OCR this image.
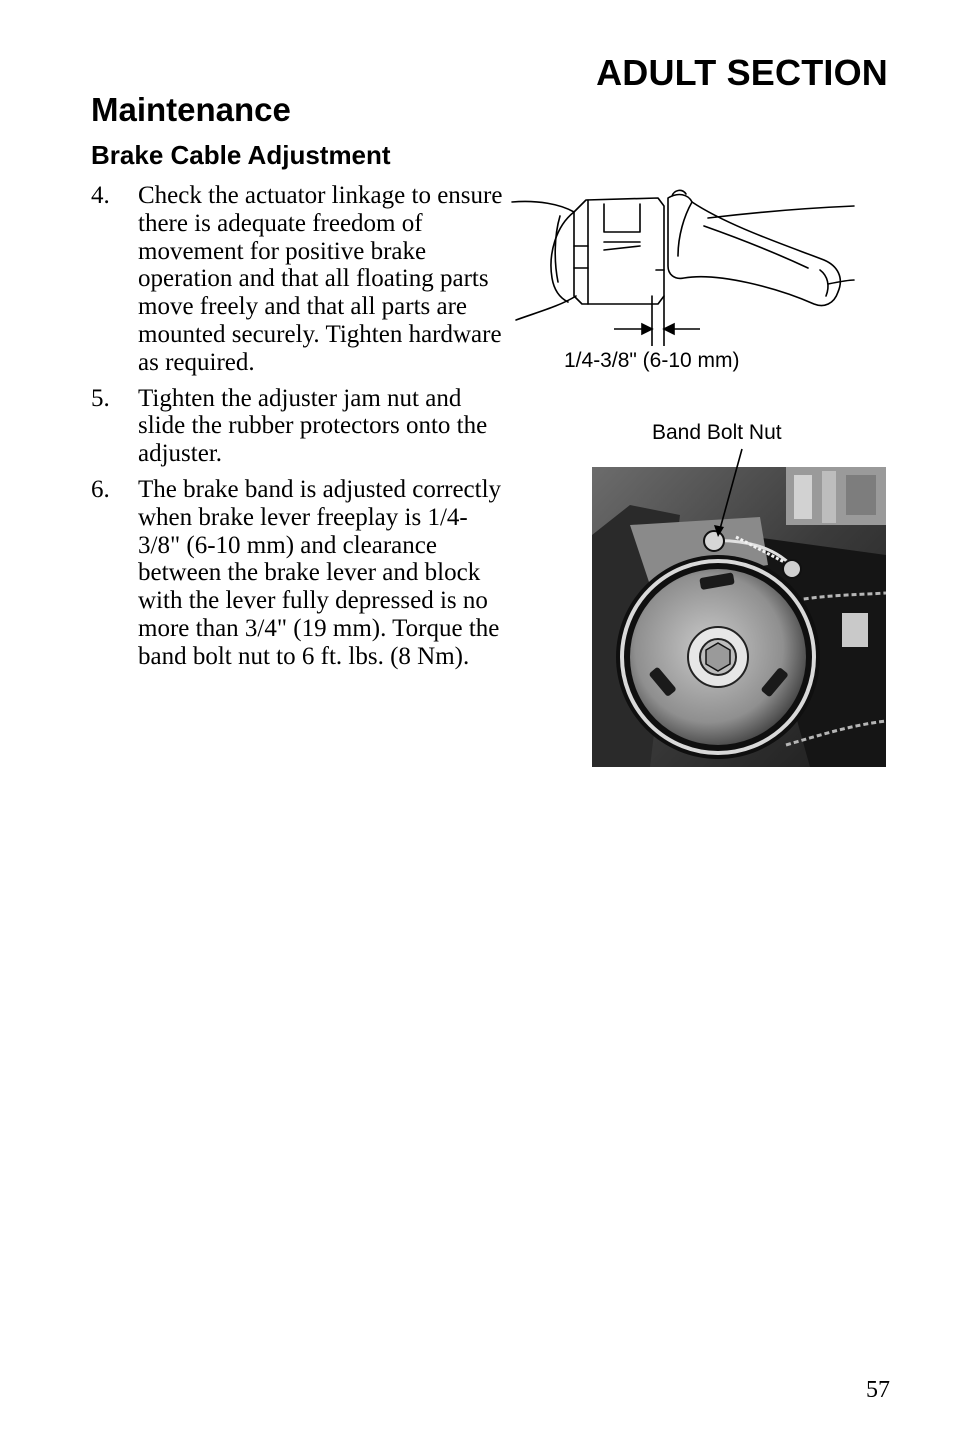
ADULT SECTION
Maintenance
Brake Cable Adjustment
4. Check the actuator linkage to ensure there is adequate freedom of movement for positive brake operation and that all floating parts move freely and that all parts are mounted securely. Tighten hardware as required.
5. Tighten the adjuster jam nut and slide the rubber protectors onto the adjuster.
6. The brake band is adjusted correctly when brake lever freeplay is 1/4- 3/8" (6-10 mm) and clearance between the brake lever and block with the lever fully depressed is no more than 3/4" (19 mm). Torque the band bolt nut to 6 ft. lbs. (8 Nm).
1/4-3/8" (6-10 mm)
Band Bolt Nut
57
